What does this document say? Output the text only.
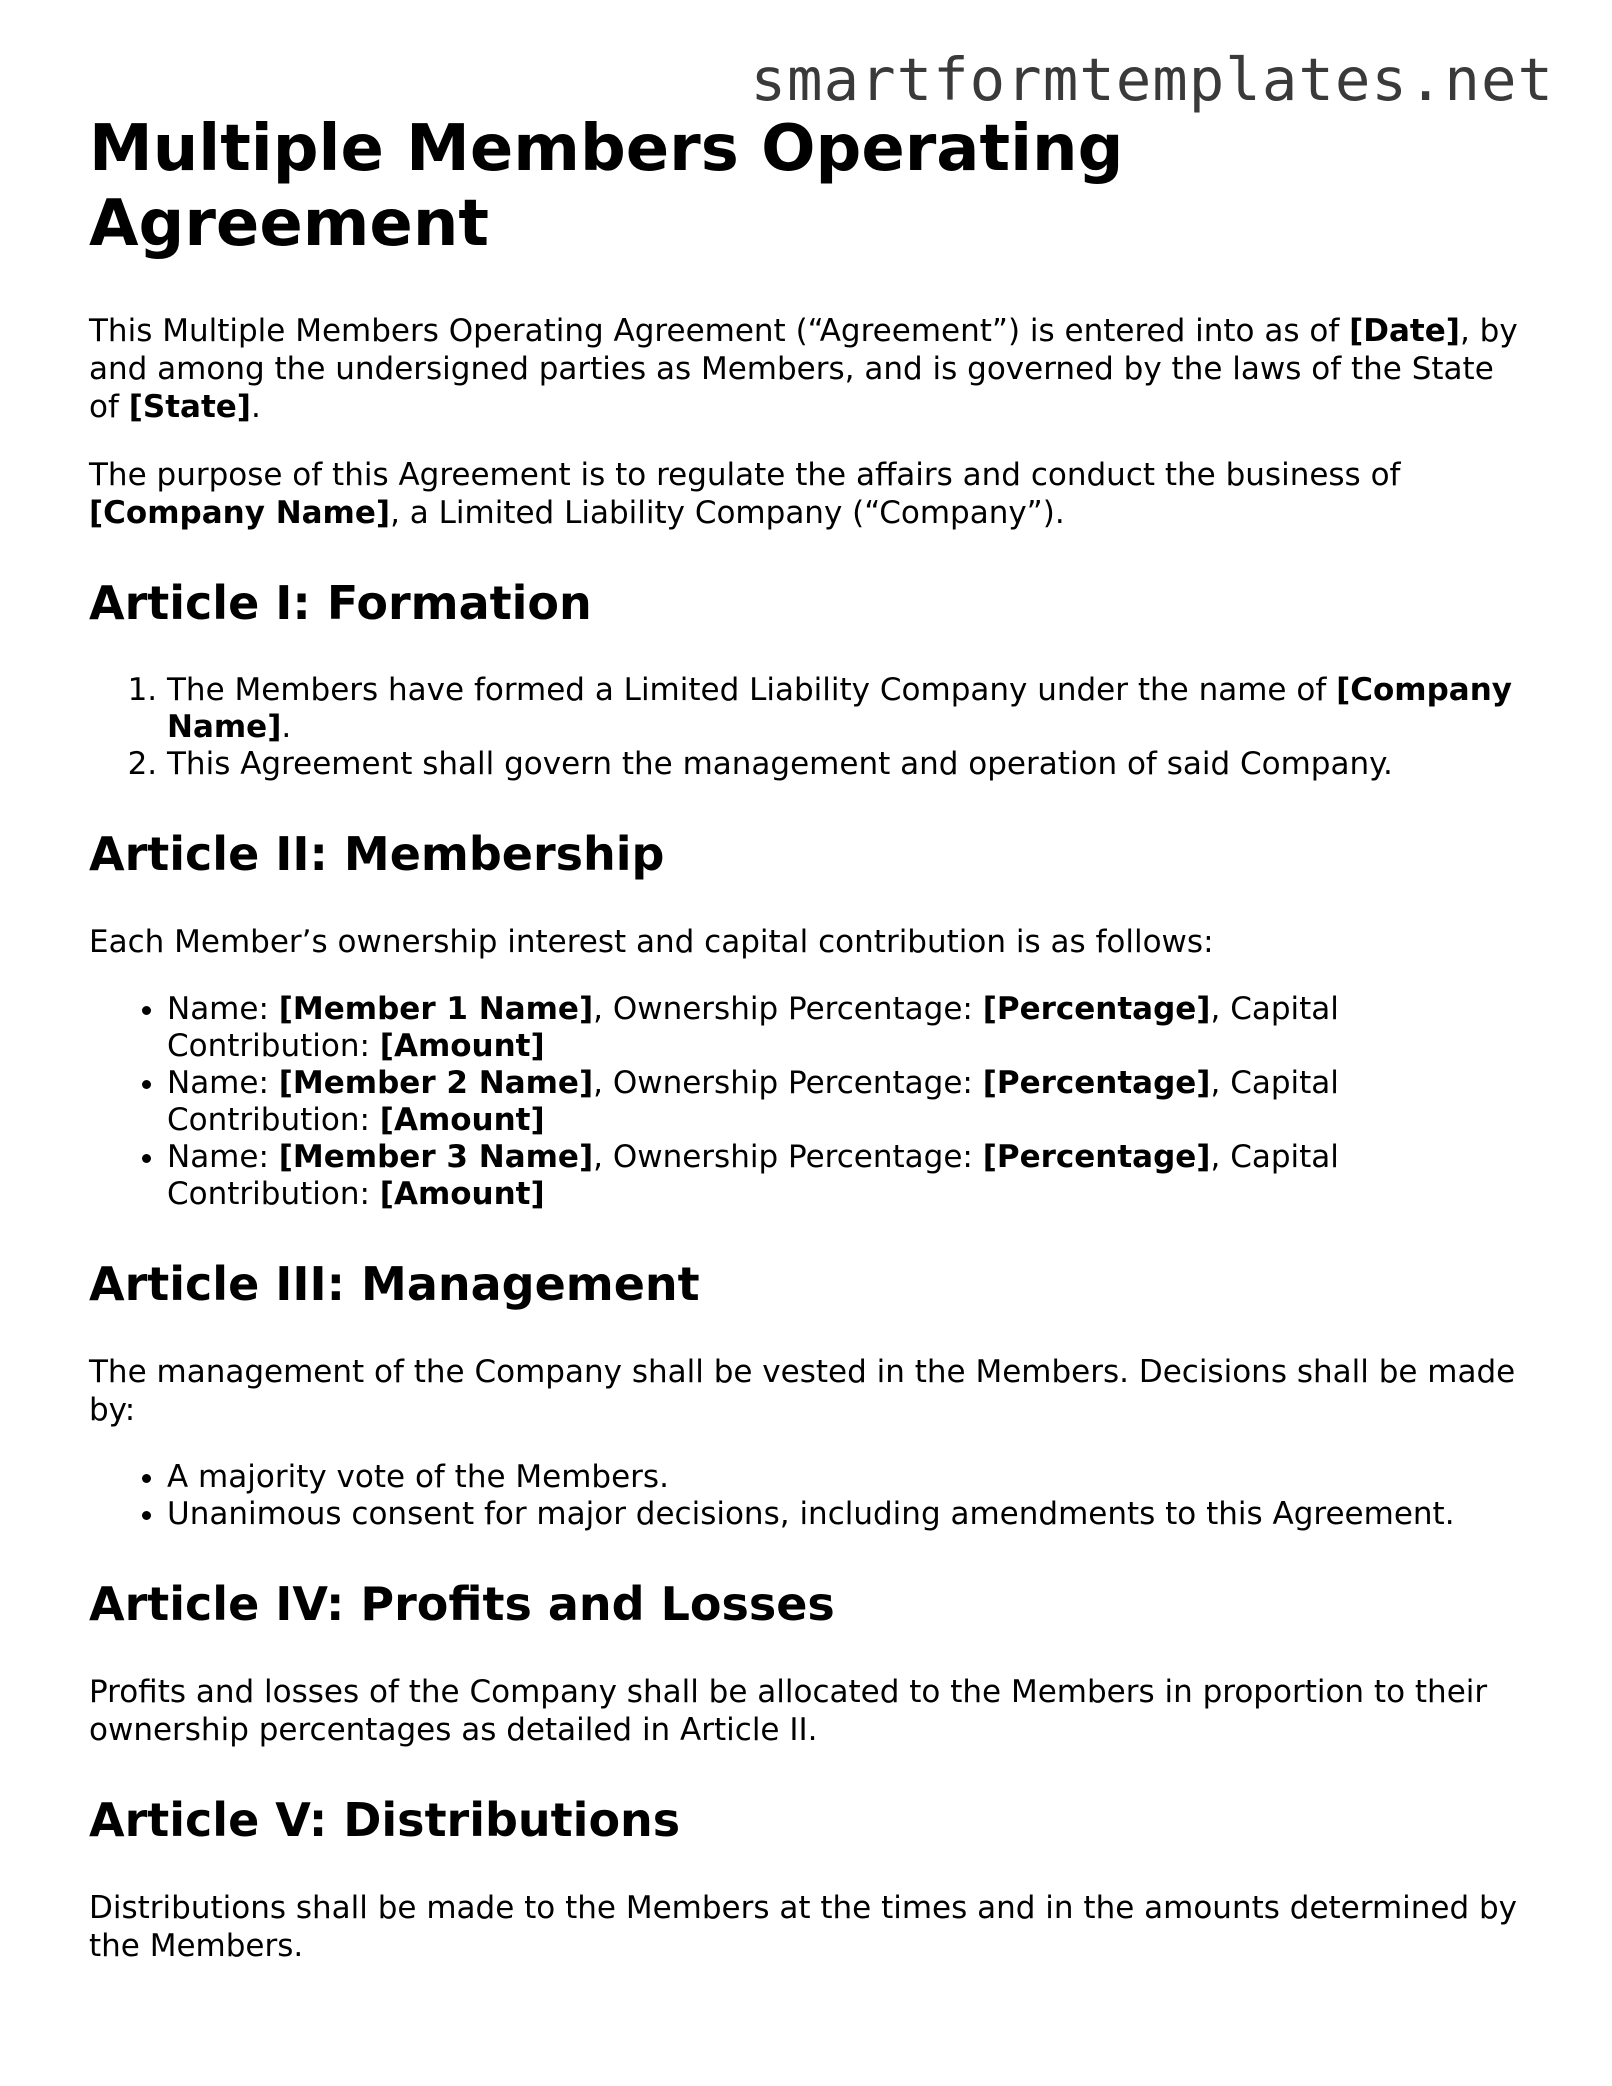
smartformtemplates.net

Multiple Members Operating Agreement

This Multiple Members Operating Agreement (“Agreement”) is entered into as of [Date], by and among the undersigned parties as Members, and is governed by the laws of the State of [State].

The purpose of this Agreement is to regulate the affairs and conduct the business of [Company Name], a Limited Liability Company (“Company”).

Article I: Formation
1. The Members have formed a Limited Liability Company under the name of [Company Name].
2. This Agreement shall govern the management and operation of said Company.
Article II: Membership

Each Member’s ownership interest and capital contribution is as follows:

• Name: [Member 1 Name], Ownership Percentage: [Percentage], Capital Contribution: [Amount]
• Name: [Member 2 Name], Ownership Percentage: [Percentage], Capital Contribution: [Amount]
• Name: [Member 3 Name], Ownership Percentage: [Percentage], Capital Contribution: [Amount]
Article III: Management

The management of the Company shall be vested in the Members. Decisions shall be made by:

• A majority vote of the Members.
• Unanimous consent for major decisions, including amendments to this Agreement.
Article IV: Profits and Losses

Profits and losses of the Company shall be allocated to the Members in proportion to their ownership percentages as detailed in Article II.

Article V: Distributions

Distributions shall be made to the Members at the times and in the amounts determined by the Members.
